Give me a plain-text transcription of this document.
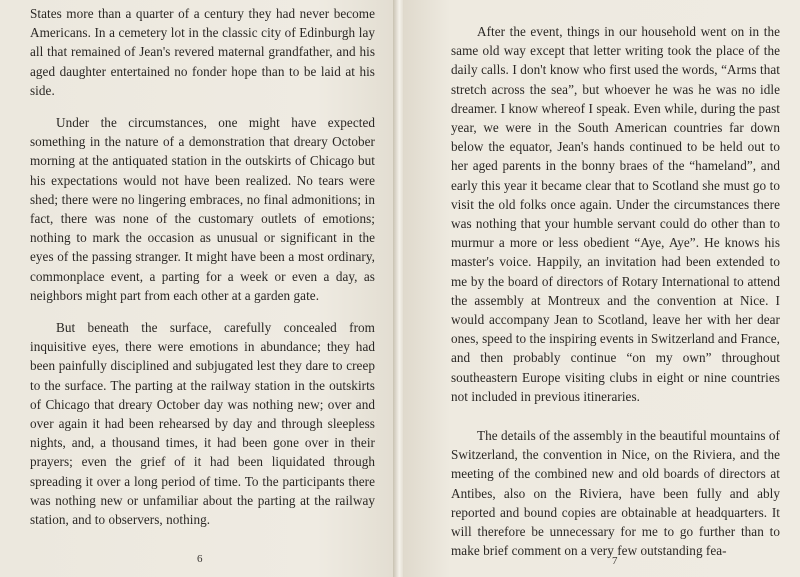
States more than a quarter of a century they had never become Americans. In a cemetery lot in the classic city of Edinburgh lay all that remained of Jean's revered maternal grandfather, and his aged daughter entertained no fonder hope than to be laid at his side.

Under the circumstances, one might have expected something in the nature of a demonstration that dreary October morning at the antiquated station in the outskirts of Chicago but his expectations would not have been realized. No tears were shed; there were no lingering embraces, no final admonitions; in fact, there was none of the customary outlets of emotions; nothing to mark the occasion as unusual or significant in the eyes of the passing stranger. It might have been a most ordinary, commonplace event, a parting for a week or even a day, as neighbors might part from each other at a garden gate.

But beneath the surface, carefully concealed from inquisitive eyes, there were emotions in abundance; they had been painfully disciplined and subjugated lest they dare to creep to the surface. The parting at the railway station in the outskirts of Chicago that dreary October day was nothing new; over and over again it had been rehearsed by day and through sleepless nights, and, a thousand times, it had been gone over in their prayers; even the grief of it had been liquidated through spreading it over a long period of time. To the participants there was nothing new or unfamiliar about the parting at the railway station, and to observers, nothing.

6

After the event, things in our household went on in the same old way except that letter writing took the place of the daily calls. I don't know who first used the words, “Arms that stretch across the sea”, but whoever he was he was no idle dreamer. I know whereof I speak. Even while, during the past year, we were in the South American countries far down below the equator, Jean's hands continued to be held out to her aged parents in the bonny braes of the “hameland”, and early this year it became clear that to Scotland she must go to visit the old folks once again. Under the circumstances there was nothing that your humble servant could do other than to murmur a more or less obedient “Aye, Aye”. He knows his master's voice. Happily, an invitation had been extended to me by the board of directors of Rotary International to attend the assembly at Montreux and the convention at Nice. I would accompany Jean to Scotland, leave her with her dear ones, speed to the inspiring events in Switzerland and France, and then probably continue “on my own” throughout southeastern Europe visiting clubs in eight or nine countries not included in previous itineraries.

The details of the assembly in the beautiful mountains of Switzerland, the convention in Nice, on the Riviera, and the meeting of the combined new and old boards of directors at Antibes, also on the Riviera, have been fully and ably reported and bound copies are obtainable at headquarters. It will therefore be unnecessary for me to go further than to make brief comment on a very few outstanding fea-

7
